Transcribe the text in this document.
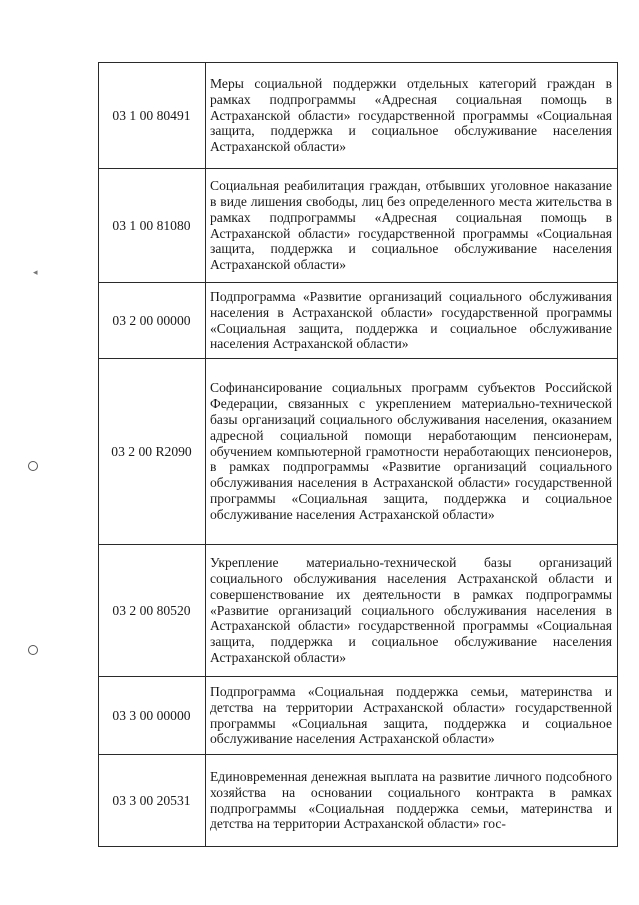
◂
03 1 00 80491	Меры социальной поддержки отдельных категорий граждан в рамках подпрограммы «Адресная социальная помощь в Астраханской области» государственной программы «Социальная защита, поддержка и социальное обслуживание населения Астраханской области»
03 1 00 81080	Социальная реабилитация граждан, отбывших уголовное наказание в виде лишения свободы, лиц без определенного места жительства в рамках подпрограммы «Адресная социальная помощь в Астраханской области» государственной программы «Социальная защита, поддержка и социальное обслуживание населения Астраханской области»
03 2 00 00000	Подпрограмма «Развитие организаций социального обслуживания населения в Астраханской области» государственной программы «Социальная защита, поддержка и социальное обслуживание населения Астраханской области»
03 2 00 R2090	Софинансирование социальных программ субъектов Российской Федерации, связанных с укреплением материально-технической базы организаций социального обслуживания населения, оказанием адресной социальной помощи неработающим пенсионерам, обучением компьютерной грамотности неработающих пенсионеров, в рамках подпрограммы «Развитие организаций социального обслуживания населения в Астраханской области» государственной программы «Социальная защита, поддержка и социальное обслуживание населения Астраханской области»
03 2 00 80520	Укрепление материально-технической базы организаций социального обслуживания населения Астраханской области и совершенствование их деятельности в рамках подпрограммы «Развитие организаций социального обслуживания населения в Астраханской области» государственной программы «Социальная защита, поддержка и социальное обслуживание населения Астраханской области»
03 3 00 00000	Подпрограмма «Социальная поддержка семьи, материнства и детства на территории Астраханской области» государственной программы «Социальная защита, поддержка и социальное обслуживание населения Астраханской области»
03 3 00 20531	Единовременная денежная выплата на развитие личного подсобного хозяйства на основании социального контракта в рамках подпрограммы «Социальная поддержка семьи, материнства и детства на территории Астраханской области» гос-
